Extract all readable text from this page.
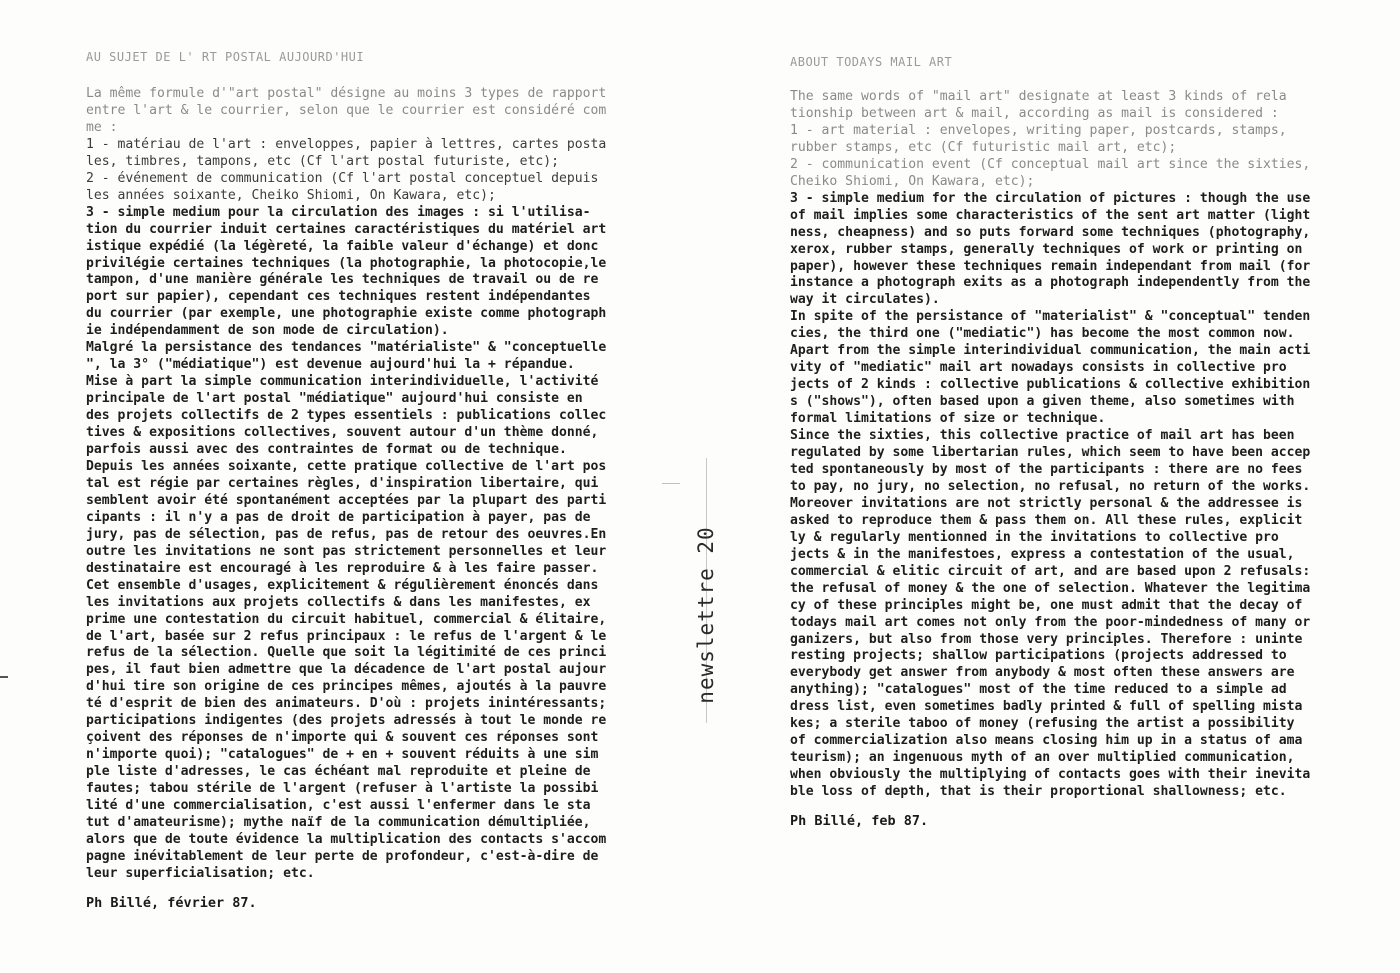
AU SUJET DE L' RT POSTAL AUJOURD'HUI
La même formule d'"art postal" désigne au moins 3 types de rapport
entre l'art & le courrier, selon que le courrier est considéré com
me :
1 - matériau de l'art : enveloppes, papier à lettres, cartes posta
les, timbres, tampons, etc (Cf l'art postal futuriste, etc);
2 - événement de communication (Cf l'art postal conceptuel depuis
les années soixante, Cheiko Shiomi, On Kawara, etc);
3 - simple medium pour la circulation des images : si l'utilisa-
tion du courrier induit certaines caractéristiques du matériel art
istique expédié (la légèreté, la faible valeur d'échange) et donc
privilégie certaines techniques (la photographie, la photocopie,le
tampon, d'une manière générale les techniques de travail ou de re
port sur papier), cependant ces techniques restent indépendantes
du courrier (par exemple, une photographie existe comme photograph
ie indépendamment de son mode de circulation).
Malgré la persistance des tendances "matérialiste" & "conceptuelle
", la 3° ("médiatique") est devenue aujourd'hui la + répandue.
Mise à part la simple communication interindividuelle, l'activité
principale de l'art postal "médiatique" aujourd'hui consiste en
des projets collectifs de 2 types essentiels : publications collec
tives & expositions collectives, souvent autour d'un thème donné,
parfois aussi avec des contraintes de format ou de technique.
Depuis les années soixante, cette pratique collective de l'art pos
tal est régie par certaines règles, d'inspiration libertaire, qui
semblent avoir été spontanément acceptées par la plupart des parti
cipants : il n'y a pas de droit de participation à payer, pas de
jury, pas de sélection, pas de refus, pas de retour des oeuvres.En
outre les invitations ne sont pas strictement personnelles et leur
destinataire est encouragé à les reproduire & à les faire passer.
Cet ensemble d'usages, explicitement & régulièrement énoncés dans
les invitations aux projets collectifs & dans les manifestes, ex
prime une contestation du circuit habituel, commercial & élitaire,
de l'art, basée sur 2 refus principaux : le refus de l'argent & le
refus de la sélection. Quelle que soit la légitimité de ces princi
pes, il faut bien admettre que la décadence de l'art postal aujour
d'hui tire son origine de ces principes mêmes, ajoutés à la pauvre
té d'esprit de bien des animateurs. D'où : projets inintéressants;
participations indigentes (des projets adressés à tout le monde re
çoivent des réponses de n'importe qui & souvent ces réponses sont
n'importe quoi); "catalogues" de + en + souvent réduits à une sim
ple liste d'adresses, le cas échéant mal reproduite et pleine de
fautes; tabou stérile de l'argent (refuser à l'artiste la possibi
lité d'une commercialisation, c'est aussi l'enfermer dans le sta
tut d'amateurisme); mythe naïf de la communication démultipliée,
alors que de toute évidence la multiplication des contacts s'accom
pagne inévitablement de leur perte de profondeur, c'est-à-dire de
leur superficialisation; etc.
Ph Billé, février 87.
newslettre 20
ABOUT TODAYS MAIL ART
The same words of "mail art" designate at least 3 kinds of rela
tionship between art & mail, according as mail is considered :
1 - art material : envelopes, writing paper, postcards, stamps,
rubber stamps, etc (Cf futuristic mail art, etc);
2 - communication event (Cf conceptual mail art since the sixties,
Cheiko Shiomi, On Kawara, etc);
3 - simple medium for the circulation of pictures : though the use
of mail implies some characteristics of the sent art matter (light
ness, cheapness) and so puts forward some techniques (photography,
xerox, rubber stamps, generally techniques of work or printing on
paper), however these techniques remain independant from mail (for
instance a photograph exits as a photograph independently from the
way it circulates).
In spite of the persistance of "materialist" & "conceptual" tenden
cies, the third one ("mediatic") has become the most common now.
Apart from the simple interindividual communication, the main acti
vity of "mediatic" mail art nowadays consists in collective pro
jects of 2 kinds : collective publications & collective exhibition
s ("shows"), often based upon a given theme, also sometimes with
formal limitations of size or technique.
Since the sixties, this collective practice of mail art has been
regulated by some libertarian rules, which seem to have been accep
ted spontaneously by most of the participants : there are no fees
to pay, no jury, no selection, no refusal, no return of the works.
Moreover invitations are not strictly personal & the addressee is
asked to reproduce them & pass them on. All these rules, explicit
ly & regularly mentionned in the invitations to collective pro
jects & in the manifestoes, express a contestation of the usual,
commercial & elitic circuit of art, and are based upon 2 refusals:
the refusal of money & the one of selection. Whatever the legitima
cy of these principles might be, one must admit that the decay of
todays mail art comes not only from the poor-mindedness of many or
ganizers, but also from those very principles. Therefore : uninte
resting projects; shallow participations (projects addressed to
everybody get answer from anybody & most often these answers are
anything); "catalogues" most of the time reduced to a simple ad
dress list, even sometimes badly printed & full of spelling mista
kes; a sterile taboo of money (refusing the artist a possibility
of commercialization also means closing him up in a status of ama
teurism); an ingenuous myth of an over multiplied communication,
when obviously the multiplying of contacts goes with their inevita
ble loss of depth, that is their proportional shallowness; etc.
Ph Billé, feb 87.
